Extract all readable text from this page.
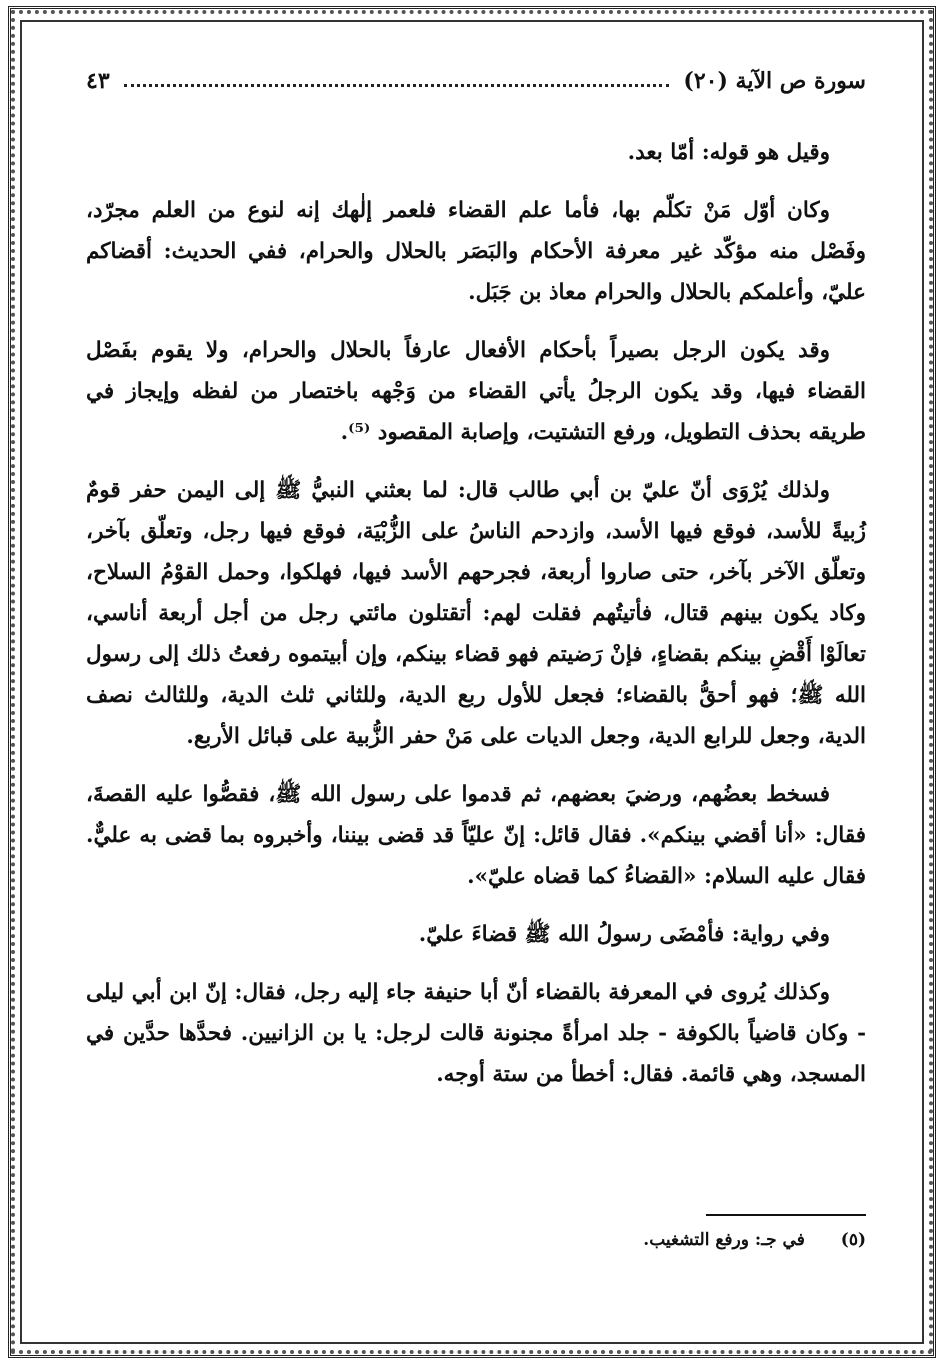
سورة ص الآية (٢٠)
٤٣

وقيل هو قوله: أمّا بعد.

وكان أوّل مَنْ تكلّم بها، فأما علم القضاء فلعمر إلٰهك إنه لنوع من العلم مجرّد، وفَصْل منه مؤكّد غير معرفة الأحكام والبَصَر بالحلال والحرام، ففي الحديث: أقضاكم عليّ، وأعلمكم بالحلال والحرام معاذ بن جَبَل.

وقد يكون الرجل بصيراً بأحكام الأفعال عارفاً بالحلال والحرام، ولا يقوم بفَصْل القضاء فيها، وقد يكون الرجلُ يأتي القضاء من وَجْهه باختصار من لفظه وإيجاز في طريقه بحذف التطويل، ورفع التشتيت، وإصابة المقصود ⁽⁵⁾.

ولذلك يُرْوَى أنّ عليّ بن أبي طالب قال: لما بعثني النبيُّ ﷺ إلى اليمن حفر قومٌ زُبيةً للأسد، فوقع فيها الأسد، وازدحم الناسُ على الزُّبْيَة، فوقع فيها رجل، وتعلّق بآخر، وتعلّق الآخر بآخر، حتى صاروا أربعة، فجرحهم الأسد فيها، فهلكوا، وحمل القوْمُ السلاح، وكاد يكون بينهم قتال، فأتيتُهم فقلت لهم: أتقتلون مائتي رجل من أجل أربعة أناسي، تعالَوْا أَقْضِ بينكم بقضاءٍ، فإنْ رَضيتم فهو قضاء بينكم، وإن أبيتموه رفعتُ ذلك إلى رسول الله ﷺ؛ فهو أحقُّ بالقضاء؛ فجعل للأول ربع الدية، وللثاني ثلث الدية، وللثالث نصف الدية، وجعل للرابع الدية، وجعل الديات على مَنْ حفر الزُّبية على قبائل الأربع.

فسخط بعضُهم، ورضيَ بعضهم، ثم قدموا على رسول الله ﷺ، فقصُّوا عليه القصةَ، فقال: «أنا أقضي بينكم». فقال قائل: إنّ عليّاً قد قضى بيننا، وأخبروه بما قضى به عليٌّ. فقال عليه السلام: «القضاءُ كما قضاه عليّ».

وفي رواية: فأمْضَى رسولُ الله ﷺ قضاءَ عليّ.

وكذلك يُروى في المعرفة بالقضاء أنّ أبا حنيفة جاء إليه رجل، فقال: إنّ ابن أبي ليلى - وكان قاضياً بالكوفة - جلد امرأةً مجنونة قالت لرجل: يا بن الزانيين. فحدَّها حدَّين في المسجد، وهي قائمة. فقال: أخطأ من ستة أوجه.

(٥) في جـ: ورفع التشغيب.
